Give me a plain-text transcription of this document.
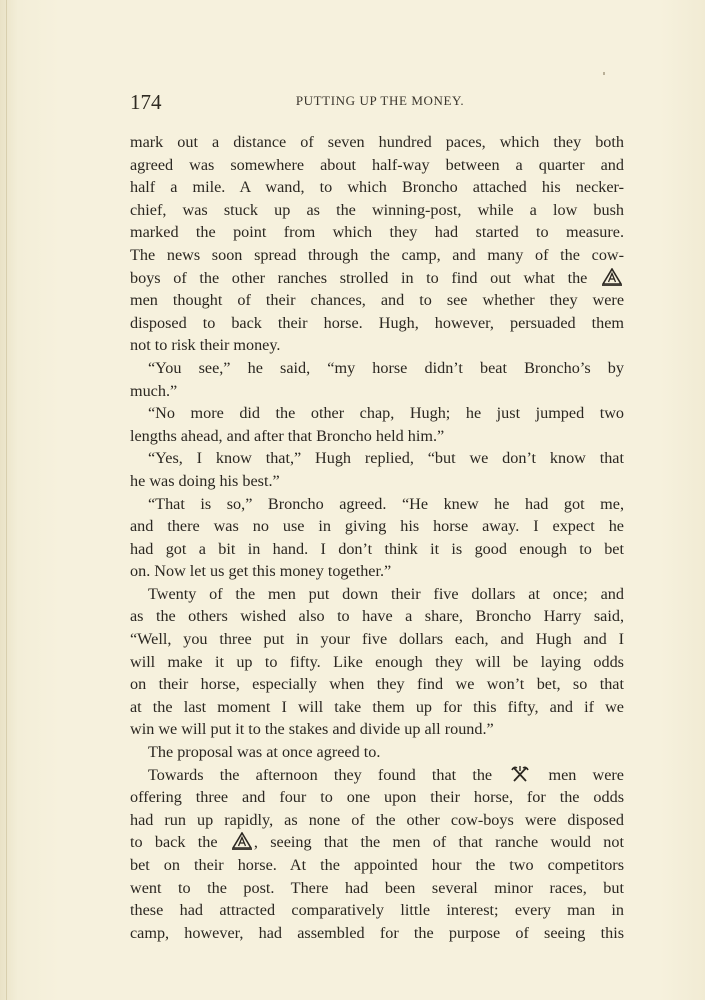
174	PUTTING UP THE MONEY.
mark out a distance of seven hundred paces, which they both
agreed was somewhere about half-way between a quarter and
half a mile. A wand, to which Broncho attached his necker-
chief, was stuck up as the winning-post, while a low bush
marked the point from which they had started to measure.
The news soon spread through the camp, and many of the cow-
boys of the other ranches strolled in to find out what the
men thought of their chances, and to see whether they were
disposed to back their horse. Hugh, however, persuaded them
not to risk their money.
“You see,” he said, “my horse didn’t beat Broncho’s by
much.”
“No more did the other chap, Hugh; he just jumped two
lengths ahead, and after that Broncho held him.”
“Yes, I know that,” Hugh replied, “but we don’t know that
he was doing his best.”
“That is so,” Broncho agreed. “He knew he had got me,
and there was no use in giving his horse away. I expect he
had got a bit in hand. I don’t think it is good enough to bet
on. Now let us get this money together.”
Twenty of the men put down their five dollars at once; and
as the others wished also to have a share, Broncho Harry said,
“Well, you three put in your five dollars each, and Hugh and I
will make it up to fifty. Like enough they will be laying odds
on their horse, especially when they find we won’t bet, so that
at the last moment I will take them up for this fifty, and if we
win we will put it to the stakes and divide up all round.”
The proposal was at once agreed to.
Towards the afternoon they found that the	men were
offering three and four to one upon their horse, for the odds
had run up rapidly, as none of the other cow-boys were disposed
to back the , seeing that the men of that ranche would not
bet on their horse. At the appointed hour the two competitors
went to the post. There had been several minor races, but
these had attracted comparatively little interest; every man in
camp, however, had assembled for the purpose of seeing this
